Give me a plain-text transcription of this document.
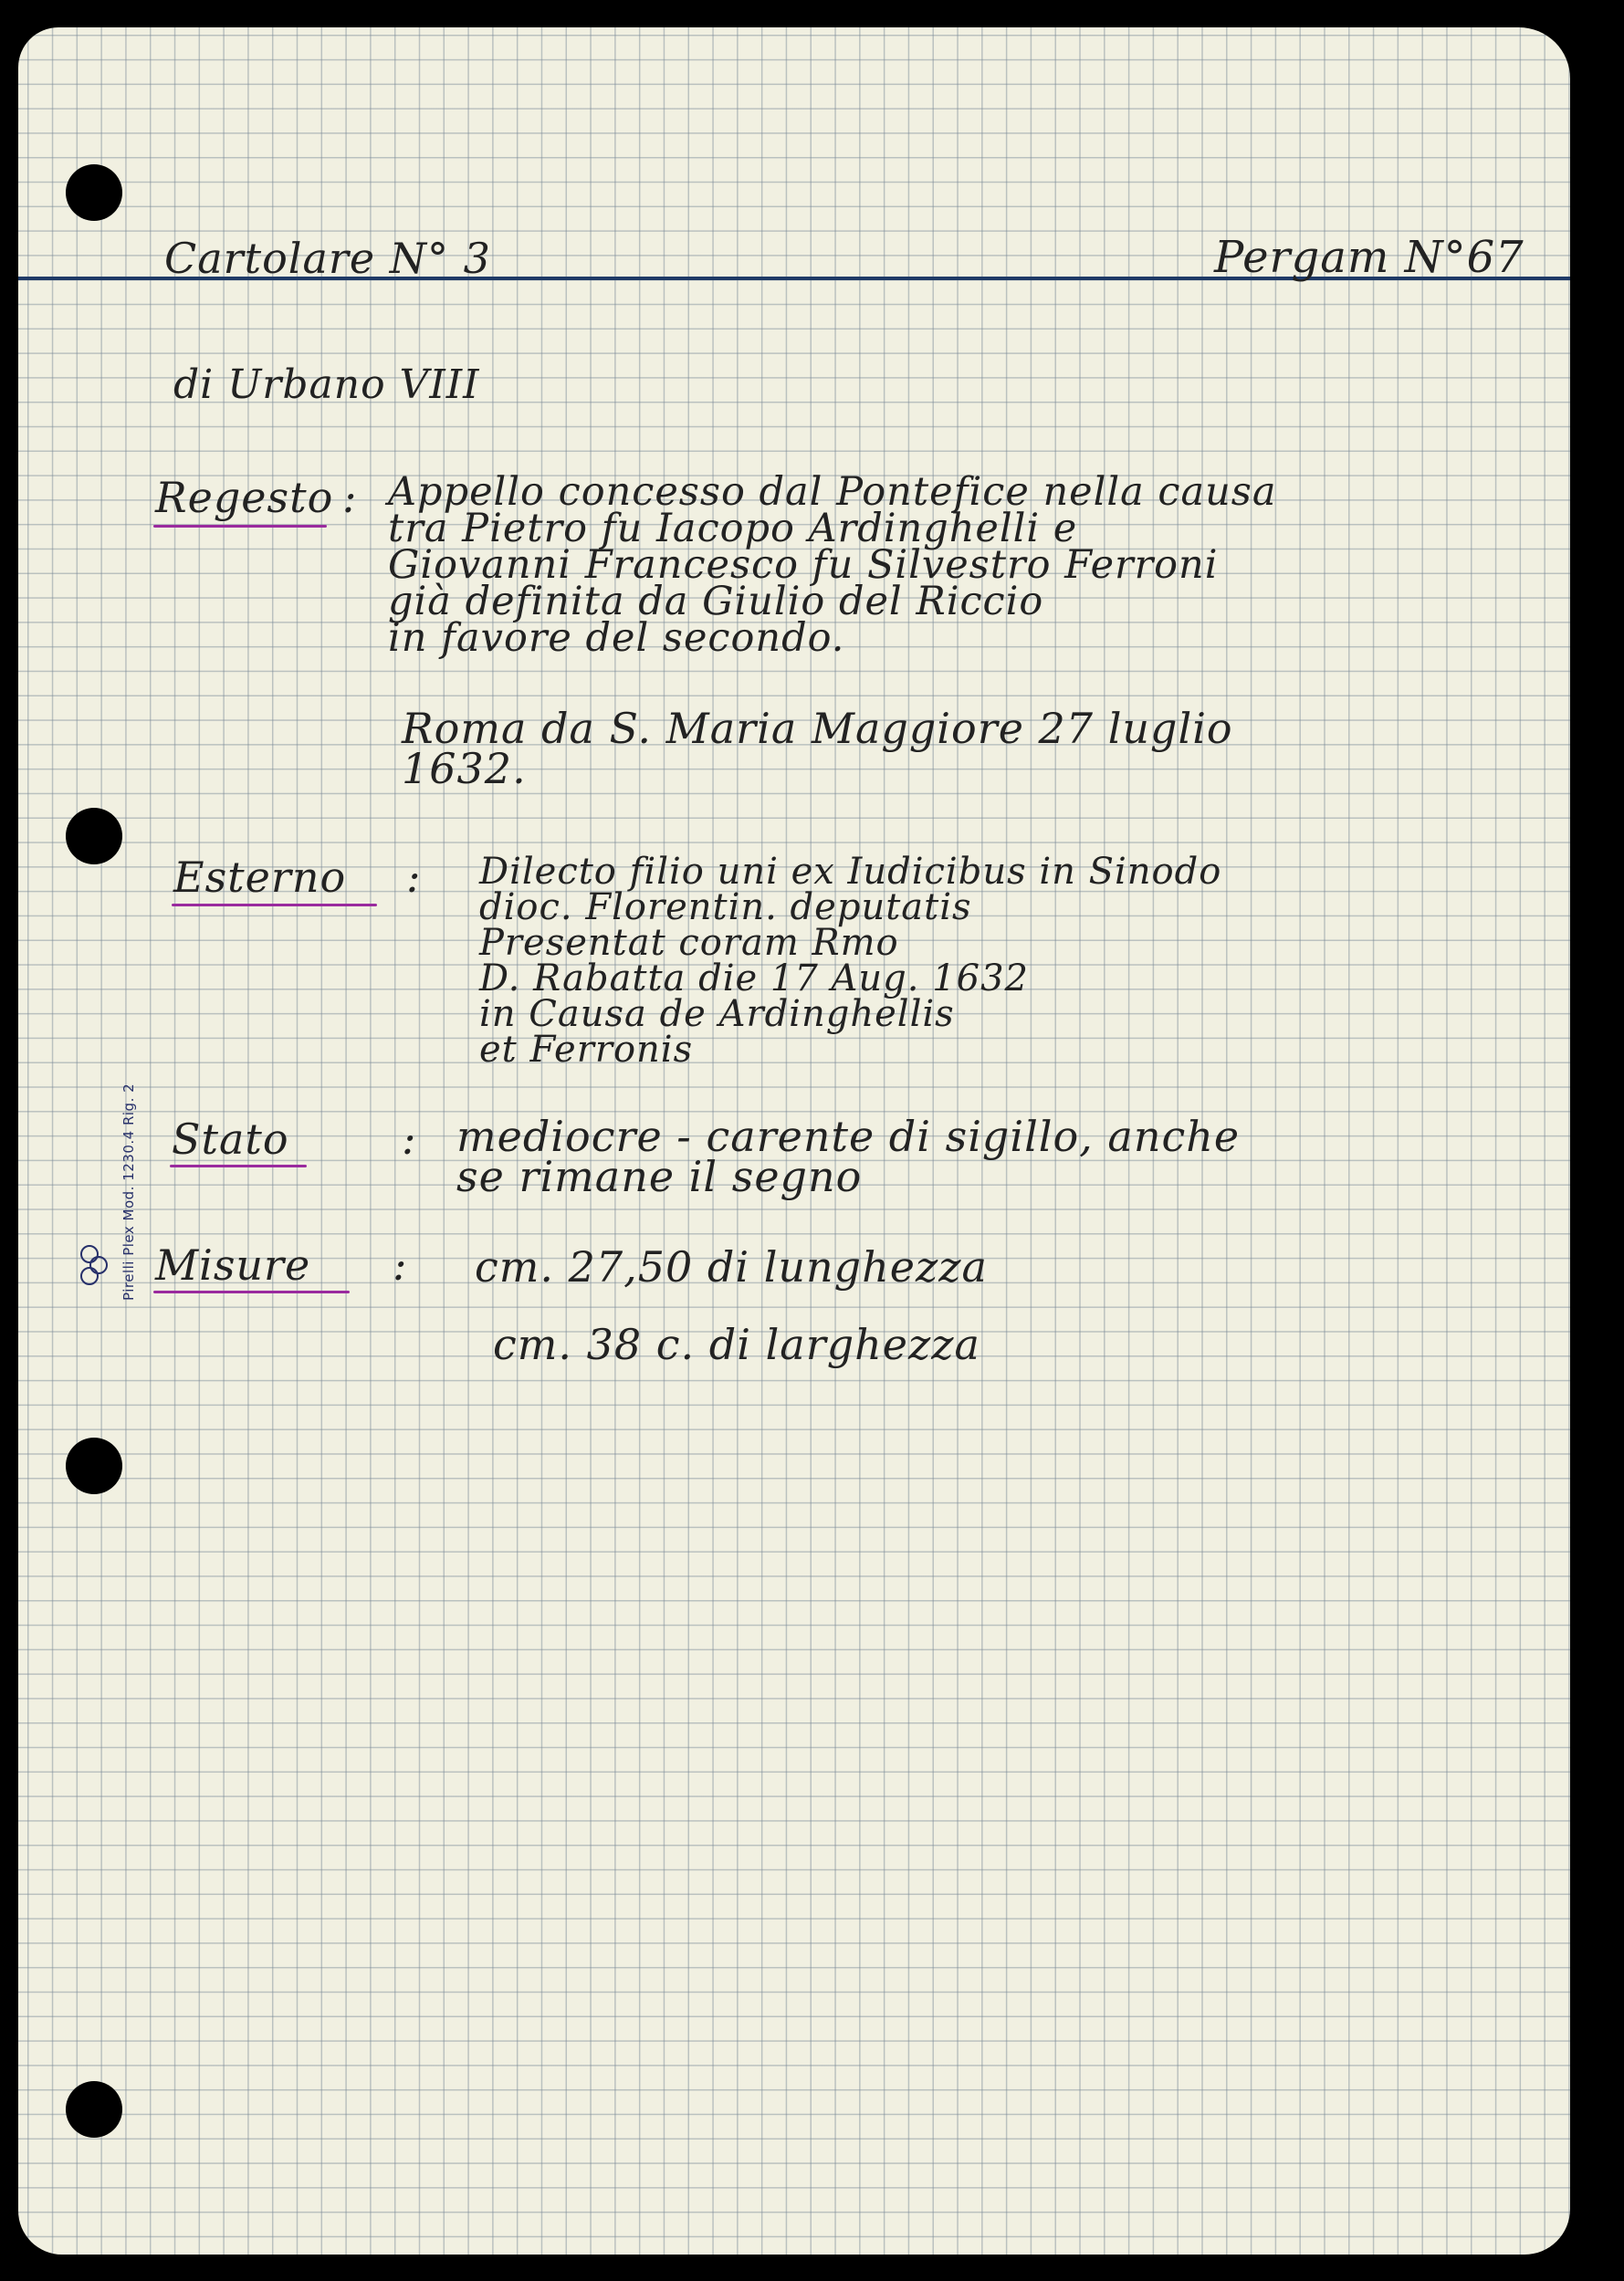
Cartolare N° 3	Pergam N°67
di Urbano VIII
Regesto : Appello concesso dal Pontefice nella causa
tra Pietro fu Iacopo Ardinghelli e
Giovanni Francesco fu Silvestro Ferroni
già definita da Giulio del Riccio
in favore del secondo.
Roma da S. Maria Maggiore 27 luglio
1632.
Esterno : Dilecto filio uni ex Iudicibus in Sinodo
dioc. Florentin. deputatis
Presentat coram Rmo
D. Rabatta die 17 Aug. 1632
in Causa de Ardinghellis
et Ferronis
Stato	: mediocre - carente di sigillo, anche
se rimane il segno
Misure : cm. 27,50 di lunghezza
cm. 38 c. di larghezza
Pirelli Plex Mod. 1230.4 Rig. 2
